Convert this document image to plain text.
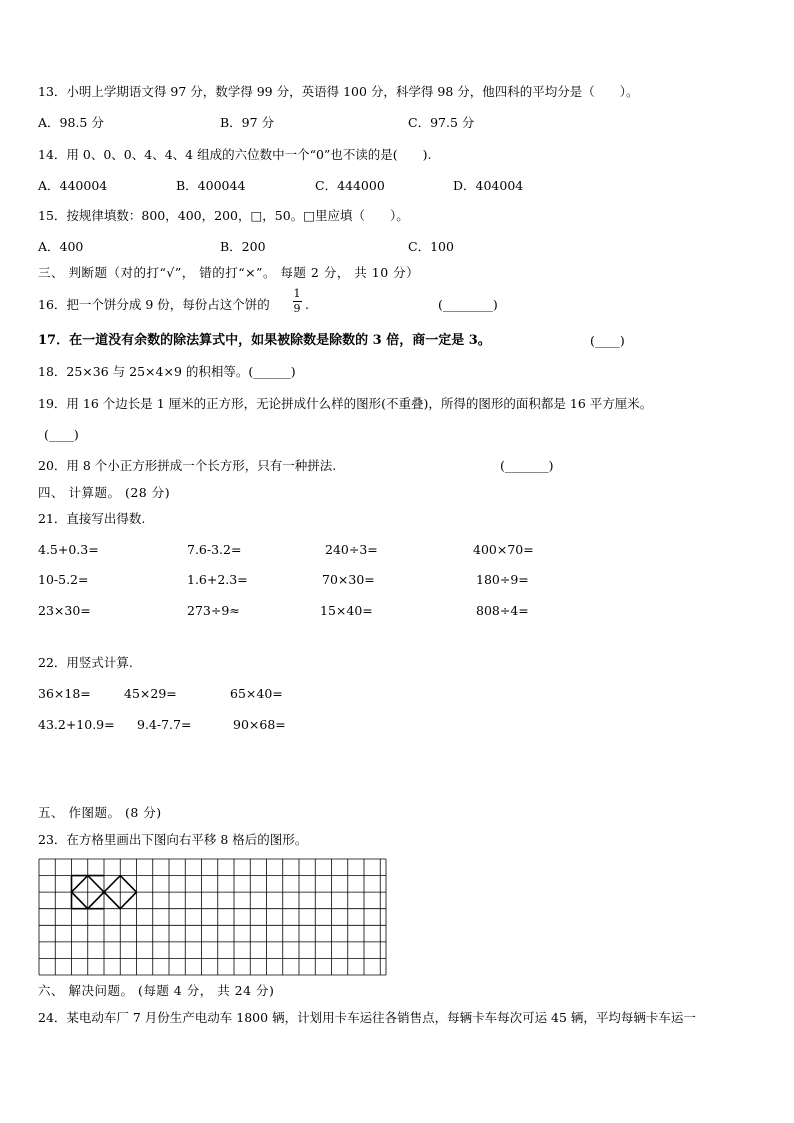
13．小明上学期语文得 97 分，数学得 99 分，英语得 100 分，科学得 98 分，他四科的平均分是（　　）。
A．98.5 分	B．97 分	C．97.5 分
14．用 0、0、0、4、4、4 组成的六位数中一个“0”也不读的是(　　).
A．440004	B．400044	C．444000	D．404004
15．按规律填数：800，400，200，□，50。□里应填（　　）。
A．400	B．200	C．100
三、 判断题（对的打“√”， 错的打“×”。 每题 2 分， 共 10 分）
16．把一个饼分成 9 份，每份占这个饼的
1
9 .	(________)
17．在一道没有余数的除法算式中，如果被除数是除数的 3 倍，商一定是 3。	(____)
18．25×36 与 25×4×9 的积相等。(______)
19．用 16 个边长是 1 厘米的正方形，无论拼成什么样的图形(不重叠)，所得的图形的面积都是 16 平方厘米。
(____)
20．用 8 个小正方形拼成一个长方形，只有一种拼法.	(_______)
四、 计算题。 (28 分)
21．直接写出得数.
4.5+0.3=	7.6-3.2=	240÷3=	400×70=
10-5.2=	1.6+2.3=	70×30=	180÷9=
23×30=	273÷9≈	15×40=	808÷4=
22．用竖式计算.
36×18=	45×29=	65×40=
43.2+10.9= 9.4-7.7=	90×68=
五、 作图题。 (8 分)
23．在方格里画出下图向右平移 8 格后的图形。
六、 解决问题。 (每题 4 分， 共 24 分)
24．某电动车厂 7 月份生产电动车 1800 辆，计划用卡车运往各销售点，每辆卡车每次可运 45 辆，平均每辆卡车运一
